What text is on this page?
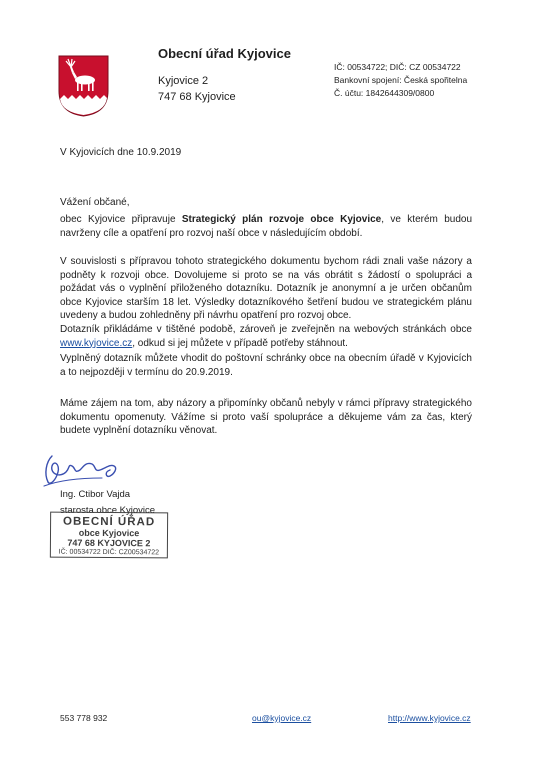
Obecní úřad Kyjovice
Kyjovice 2
747 68 Kyjovice
IČ: 00534722; DIČ: CZ 00534722
Bankovní spojení: Česká spořitelna
Č. účtu: 1842644309/0800
V Kyjovicích dne 10.9.2019
Vážení občané,

obec Kyjovice připravuje Strategický plán rozvoje obce Kyjovice, ve kterém budou navrženy cíle a opatření pro rozvoj naší obce v následujícím období.

V souvislosti s přípravou tohoto strategického dokumentu bychom rádi znali vaše názory a podněty k rozvoji obce. Dovolujeme si proto se na vás obrátit s žádostí o spolupráci a požádat vás o vyplnění přiloženého dotazníku. Dotazník je anonymní a je určen občanům obce Kyjovice starším 18 let. Výsledky dotazníkového šetření budou ve strategickém plánu uvedeny a budou zohledněny při návrhu opatření pro rozvoj obce.

Dotazník přikládáme v tištěné podobě, zároveň je zveřejněn na webových stránkách obce www.kyjovice.cz, odkud si jej můžete v případě potřeby stáhnout.

Vyplněný dotazník můžete vhodit do poštovní schránky obce na obecním úřadě v Kyjovicích a to nejpozději v termínu do 20.9.2019.

Máme zájem na tom, aby názory a připomínky občanů nebyly v rámci přípravy strategického dokumentu opomenuty. Vážíme si proto vaší spolupráce a děkujeme vám za čas, který budete vyplnění dotazníku věnovat.

Ing. Ctibor Vajda
starosta obce Kyjovice
OBECNÍ ÚŘAD
obce Kyjovice
747 68 KYJOVICE 2
IČ: 00534722 DIČ: CZ00534722
553 778 932	ou@kyjovice.cz	http://www.kyjovice.cz
